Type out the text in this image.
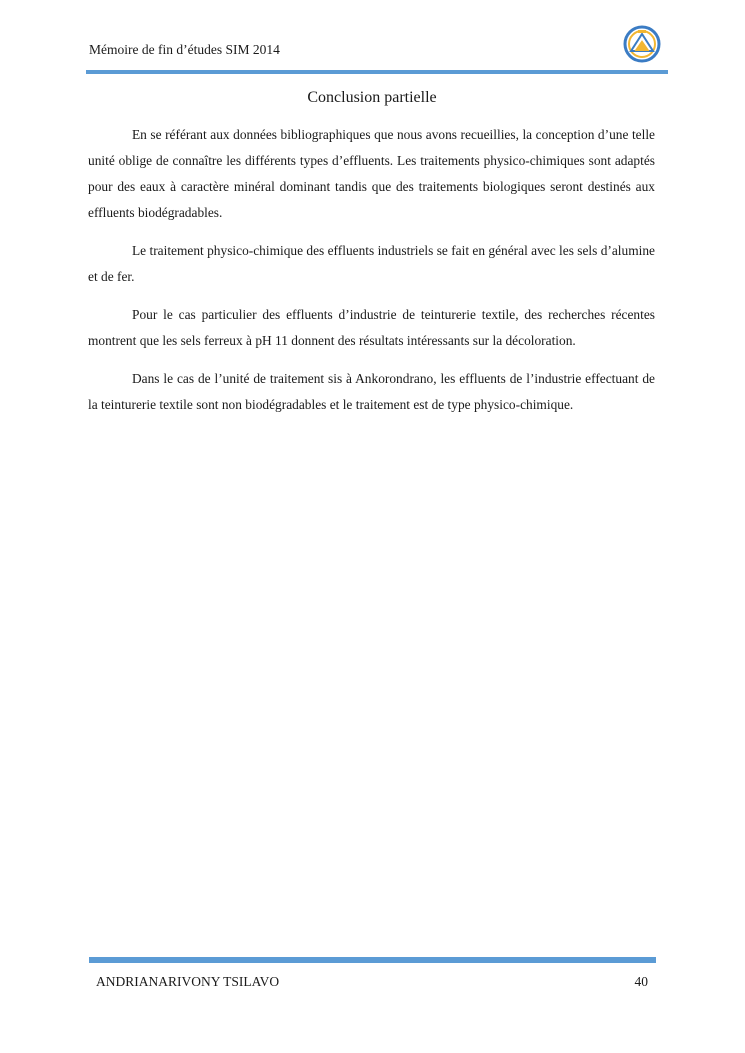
Mémoire de fin d’études SIM 2014
Conclusion partielle

En se référant aux données bibliographiques que nous avons recueillies, la conception d’une telle unité oblige de connaître les différents types d’effluents. Les traitements physico-chimiques sont adaptés pour des eaux à caractère minéral dominant tandis que des traitements biologiques seront destinés aux effluents biodégradables.

Le traitement physico-chimique des effluents industriels se fait en général avec les sels d’alumine et de fer.

Pour le cas particulier des effluents d’industrie de teinturerie textile, des recherches récentes montrent que les sels ferreux à pH 11 donnent des résultats intéressants sur la décoloration.

Dans le cas de l’unité de traitement sis à Ankorondrano, les effluents de l’industrie effectuant de la teinturerie textile sont non biodégradables et le traitement est de type physico-chimique.

ANDRIANARIVONY TSILAVO	40
